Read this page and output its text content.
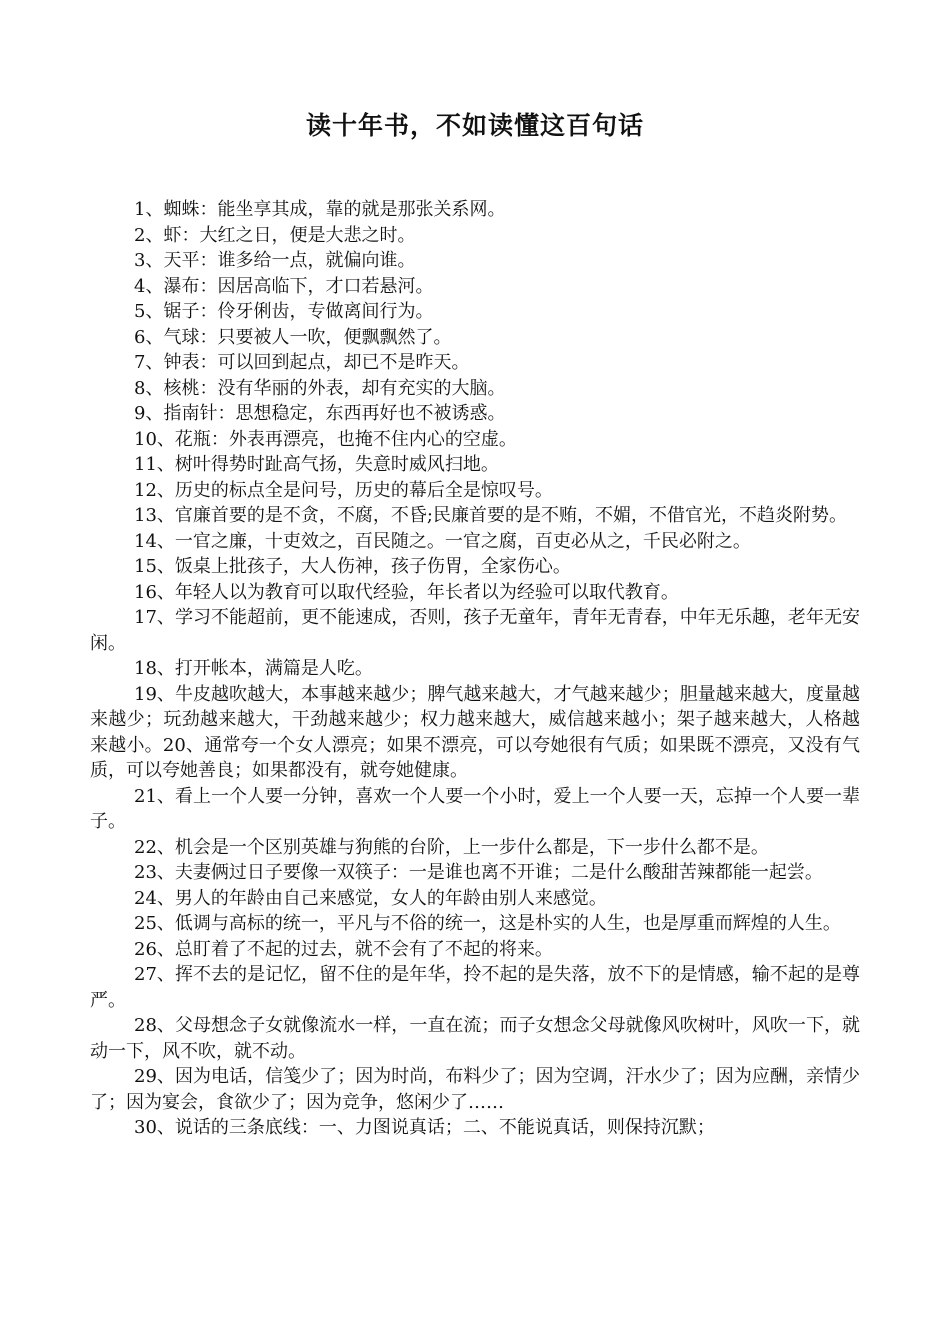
读十年书，不如读懂这百句话

1、蜘蛛：能坐享其成，靠的就是那张关系网。

2、虾：大红之日，便是大悲之时。

3、天平：谁多给一点，就偏向谁。

4、瀑布：因居高临下，才口若悬河。

5、锯子：伶牙俐齿，专做离间行为。

6、气球：只要被人一吹，便飘飘然了。

7、钟表：可以回到起点，却已不是昨天。

8、核桃：没有华丽的外表，却有充实的大脑。

9、指南针：思想稳定，东西再好也不被诱惑。

10、花瓶：外表再漂亮，也掩不住内心的空虚。

11、树叶得势时趾高气扬，失意时威风扫地。

12、历史的标点全是问号，历史的幕后全是惊叹号。

13、官廉首要的是不贪，不腐，不昏;民廉首要的是不贿，不媚，不借官光，不趋炎附势。

14、一官之廉，十吏效之，百民随之。一官之腐，百吏必从之，千民必附之。

15、饭桌上批孩子，大人伤神，孩子伤胃，全家伤心。

16、年轻人以为教育可以取代经验，年长者以为经验可以取代教育。

17、学习不能超前，更不能速成，否则，孩子无童年，青年无青春，中年无乐趣，老年无安闲。

18、打开帐本，满篇是人吃。

19、牛皮越吹越大，本事越来越少；脾气越来越大，才气越来越少；胆量越来越大，度量越来越少；玩劲越来越大，干劲越来越少；权力越来越大，威信越来越小；架子越来越大，人格越来越小。20、通常夸一个女人漂亮；如果不漂亮，可以夸她很有气质；如果既不漂亮，又没有气质，可以夸她善良；如果都没有，就夸她健康。

21、看上一个人要一分钟，喜欢一个人要一个小时，爱上一个人要一天，忘掉一个人要一辈子。

22、机会是一个区别英雄与狗熊的台阶，上一步什么都是，下一步什么都不是。

23、夫妻俩过日子要像一双筷子：一是谁也离不开谁；二是什么酸甜苦辣都能一起尝。

24、男人的年龄由自己来感觉，女人的年龄由别人来感觉。

25、低调与高标的统一，平凡与不俗的统一，这是朴实的人生，也是厚重而辉煌的人生。

26、总盯着了不起的过去，就不会有了不起的将来。

27、挥不去的是记忆，留不住的是年华，拎不起的是失落，放不下的是情感，输不起的是尊严。

28、父母想念子女就像流水一样，一直在流；而子女想念父母就像风吹树叶，风吹一下，就动一下，风不吹，就不动。

29、因为电话，信笺少了；因为时尚，布料少了；因为空调，汗水少了；因为应酬，亲情少了；因为宴会，食欲少了；因为竞争，悠闲少了……

30、说话的三条底线：一、力图说真话；二、不能说真话，则保持沉默；
